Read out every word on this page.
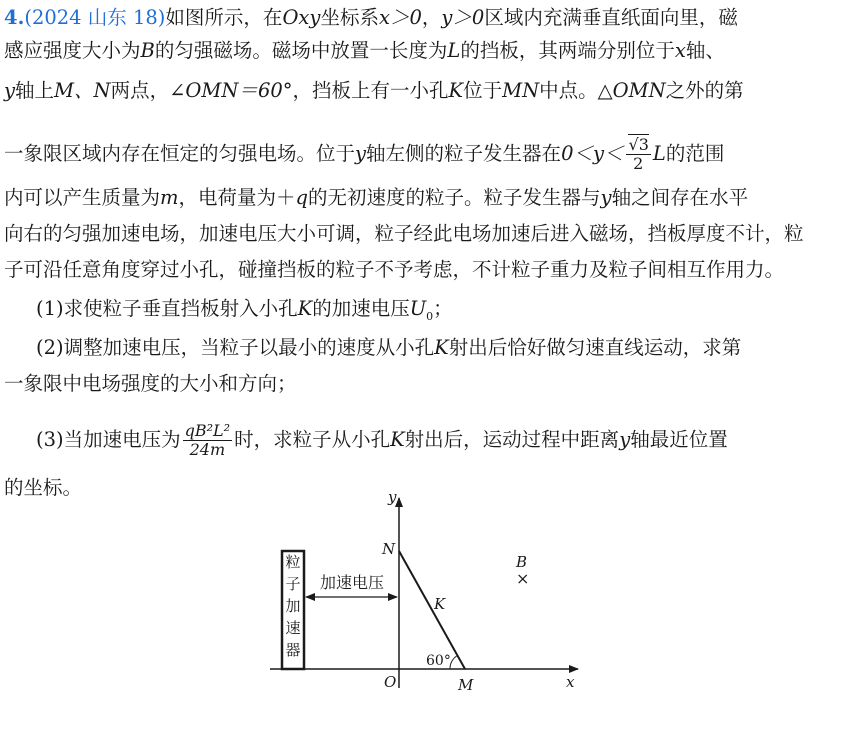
4.(2024 山东 18)如图所示，在Oxy坐标系x＞0，y＞0区域内充满垂直纸面向里，磁
感应强度大小为B的匀强磁场。磁场中放置一长度为L的挡板，其两端分别位于x轴、
y轴上M、N两点，∠OMN＝60°，挡板上有一小孔K位于MN中点。△OMN之外的第
一象限区域内存在恒定的匀强电场。位于y轴左侧的粒子发生器在$0<y< \frac{√3}{2}$ L的范围
内可以产生质量为m，电荷量为＋q的无初速度的粒子。粒子发生器与y轴之间存在水平
向右的匀强加速电场，加速电压大小可调，粒子经此电场加速后进入磁场，挡板厚度不计，粒
子可沿任意角度穿过小孔，碰撞挡板的粒子不予考虑，不计粒子重力及粒子间相互作用力。
(1)求使粒子垂直挡板射入小孔K的加速电压$U_0$；
(2)调整加速电压，当粒子以最小的速度从小孔K射出后恰好做匀速直线运动，求第
一象限中电场强度的大小和方向；
(3)当加速电压为 $\frac{\text{qB²L²}}{24m}$ 时，求粒子从小孔K射出后，运动过程中距离y轴最近位置
的坐标。
粒
子
加
速
器
加速电压
y
x
O
N
K
M
60°
B
×
